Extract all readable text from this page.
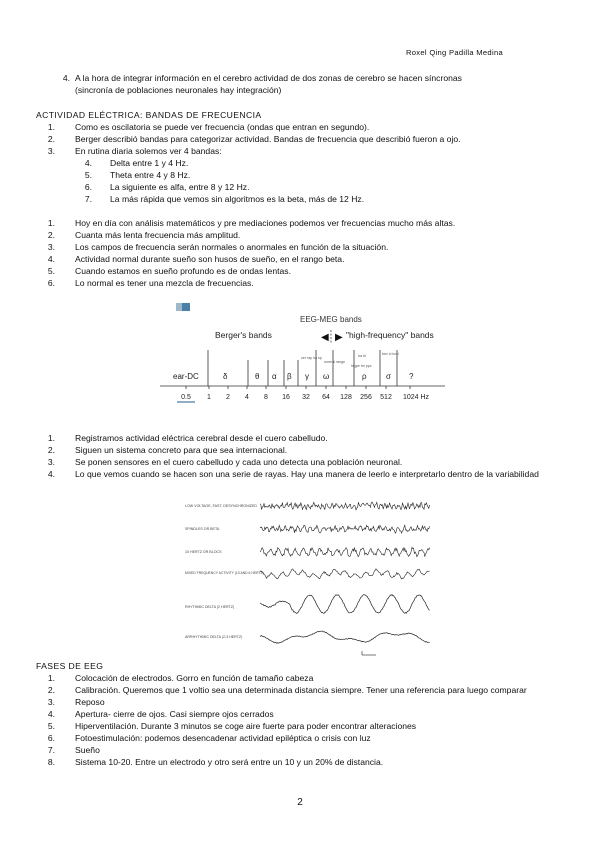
Roxel Qing Padilla Medina
4. A la hora de integrar información en el cerebro actividad de dos zonas de cerebro se hacen síncronas
(sincronía de poblaciones neuronales hay integración)
ACTIVIDAD ELÉCTRICA: BANDAS DE FRECUENCIA
1. Como es oscilatoria se puede ver frecuencia (ondas que entran en segundo).
2. Berger describió bandas para categorizar actividad. Bandas de frecuencia que describió fueron a ojo.
3. En rutina diaria solemos ver 4 bandas:
4. Delta entre 1 y 4 Hz.
5. Theta entre 4 y 8 Hz.
6. La siguiente es alfa, entre 8 y 12 Hz.
7. La más rápida que vemos sin algoritmos es la beta, más de 12 Hz.
1. Hoy en día con análisis matemáticos y pre mediaciones podemos ver frecuencias mucho más altas.
2. Cuanta más lenta frecuencia más amplitud.
3. Los campos de frecuencia serán normales o anormales en función de la situación.
4. Actividad normal durante sueño son husos de sueño, en el rango beta.
5. Cuando estamos en sueño profundo es de ondas lentas.
6. Lo normal es tener una mezcla de frecuencias.
EEG-MEG bands
Berger's bands	◀ ▶ "high-frequency" bands
ear-DC	δ	θ α β γ ω	ρ σ ?
ver ray ha sp
normal range
higpe tm ppc
ha ld	bex cl bcsl
0.5 1 2 4 8 16 32 64 128 256 512 1024 Hz
1. Registramos actividad eléctrica cerebral desde el cuero cabelludo.
2. Siguen un sistema concreto para que sea internacional.
3. Se ponen sensores en el cuero cabelludo y cada uno detecta una población neuronal.
4. Lo que vemos cuando se hacen son una serie de rayas. Hay una manera de leerlo e interpretarlo dentro de la variabilidad
LOW VOLTAGE, FAST, DESYNCHRONIZED
SPINDLES OR BETA
10 HERTZ OR BLOCS
MIXED FREQUENCY ACTIVITY (10 AND 6 HERTZ)
RHYTHMIC DELTA (2 HERTZ)
ARRHYTHMIC DELTA (2-3 HERTZ)
FASES DE EEG
1. Colocación de electrodos. Gorro en función de tamaño cabeza
2. Calibración. Queremos que 1 voltio sea una determinada distancia siempre. Tener una referencia para luego comparar
3. Reposo
4. Apertura- cierre de ojos. Casi siempre ojos cerrados
5. Hiperventilación. Durante 3 minutos se coge aire fuerte para poder encontrar alteraciones
6. Fotoestimulación: podemos desencadenar actividad epiléptica o crisis con luz
7. Sueño
8. Sistema 10-20. Entre un electrodo y otro será entre un 10 y un 20% de distancia.
2
